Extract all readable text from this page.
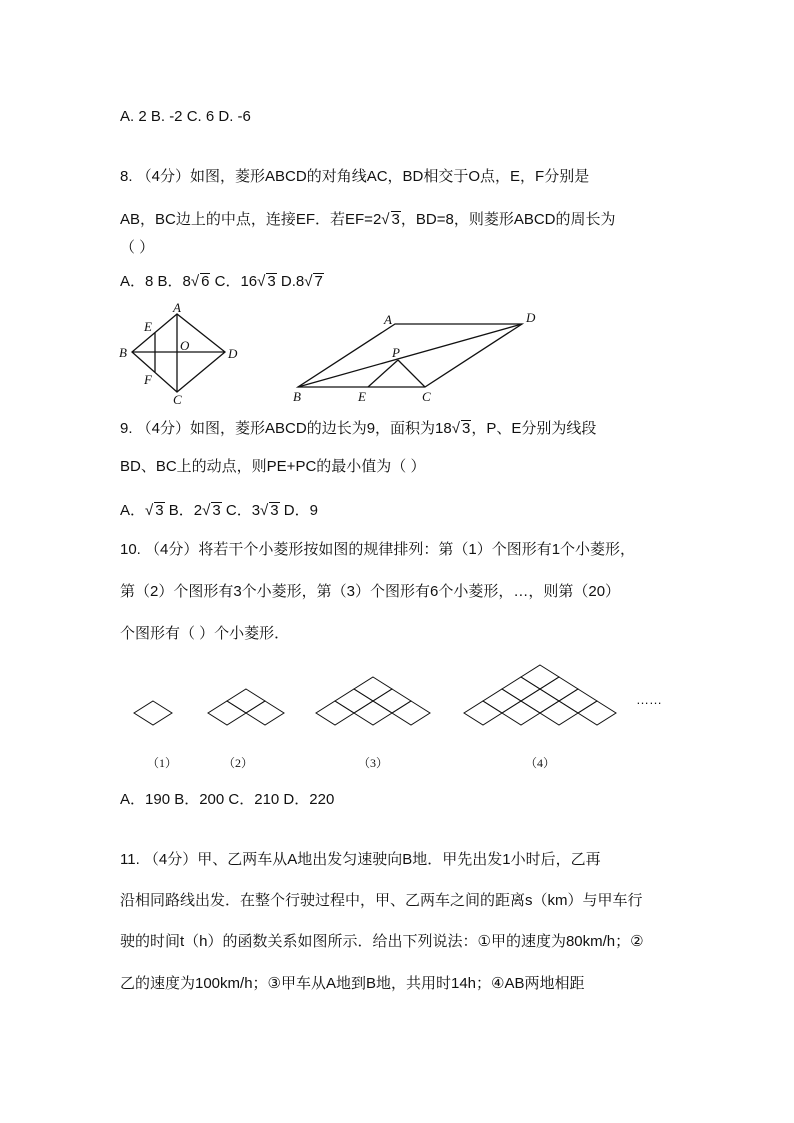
A. 2 B. -2 C. 6 D. -6
8. （4分）如图，菱形ABCD的对角线AC，BD相交于O点，E，F分别是
AB，BC边上的中点，连接EF．若EF=2√ 3，BD=8，则菱形ABCD的周长为
（ ）
A．8 B．8√ 6 C．16√ 3 D.8√ 7
A
B
C
D
E
F
O
A	D
B	C
E
P
9. （4分）如图，菱形ABCD的边长为9，面积为18√ 3，P、E分别为线段
BD、BC上的动点，则PE+PC的最小值为（ ）
A．√ 3 B．2√ 3 C．3√ 3 D．9
10. （4分）将若干个小菱形按如图的规律排列：第（1）个图形有1个小菱形，
第（2）个图形有3个小菱形，第（3）个图形有6个小菱形，…，则第（20）
个图形有（ ）个小菱形．
（1）	（2）	（3）	（4）
……
A．190 B．200 C．210 D．220
11. （4分）甲、乙两车从A地出发匀速驶向B地．甲先出发1小时后，乙再
沿相同路线出发．在整个行驶过程中，甲、乙两车之间的距离s（km）与甲车行
驶的时间t（h）的函数关系如图所示．给出下列说法：①甲的速度为80km/h；②
乙的速度为100km/h；③甲车从A地到B地，共用时14h；④AB两地相距
